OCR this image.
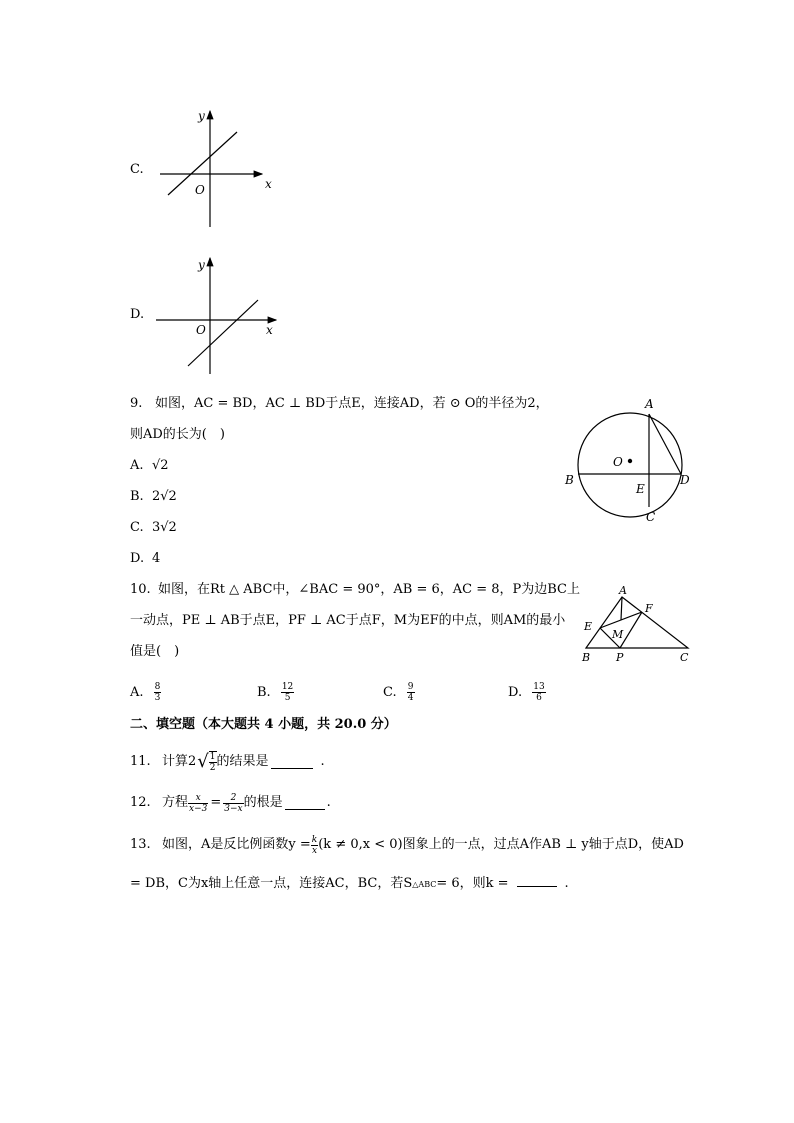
C.
y
x
O
D.
y
x
O
9. 如图，AC = BD，AC ⊥ BD于点E，连接AD，若 ⊙ O的半径为2，
则AD的长为(　)
A. √2
B. 2√2
C. 3√2
D. 4
A
B
C
D
E
O
10. 如图，在Rt △ ABC中，∠BAC = 90°，AB = 6，AC = 8，P为边BC上
一动点，PE ⊥ AB于点E，PF ⊥ AC于点F，M为EF的中点，则AM的最小
值是(　)
A. $\frac{8}{3}$	B. $\frac{12}{5}$	C. $\frac{9}{4}$	D. $\frac{13}{6}$
A
B	C
E
F
M
P
二、填空题（本大题共 4 小题，共 20.0 分）
11. 计算2 √ $\frac{1}{2}$ 的结果是	.
12. 方程 $\frac{x}{x-3} = \frac{2}{3-x}$ 的根是	.
13. 如图，A是反比例函数$y = \frac{k}{x} (k \ne 0,x < 0)$图象上的一点，过点A作AB ⊥ y轴于点D，使AD
= DB，C为x轴上任意一点，连接AC，BC，若S △ABC = 6，则k =	.
